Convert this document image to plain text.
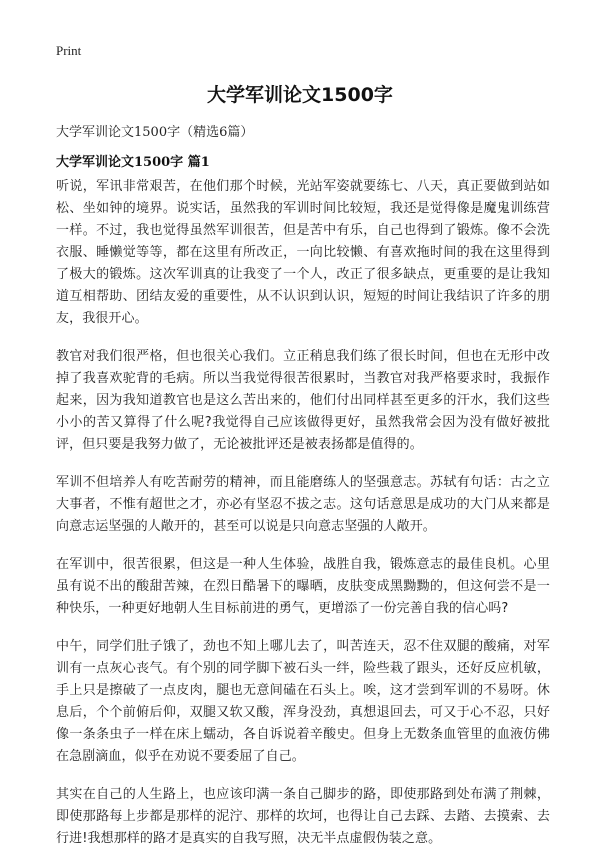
Print
大学军训论文1500字
大学军训论文1500字（精选6篇）
大学军训论文1500字 篇1

听说，军讯非常艰苦，在他们那个时候，光站军姿就要练七、八天，真正要做到站如松、坐如钟的境界。说实话，虽然我的军训时间比较短，我还是觉得像是魔鬼训练营一样。不过，我也觉得虽然军训很苦，但是苦中有乐，自己也得到了锻炼。像不会洗衣服、睡懒觉等等，都在这里有所改正，一向比较懒、有喜欢拖时间的我在这里得到了极大的锻炼。这次军训真的让我变了一个人，改正了很多缺点，更重要的是让我知道互相帮助、团结友爱的重要性，从不认识到认识，短短的时间让我结识了许多的朋友，我很开心。

教官对我们很严格，但也很关心我们。立正稍息我们练了很长时间，但也在无形中改掉了我喜欢驼背的毛病。所以当我觉得很苦很累时，当教官对我严格要求时，我振作起来，因为我知道教官也是这么苦出来的，他们付出同样甚至更多的汗水，我们这些小小的苦又算得了什么呢?我觉得自己应该做得更好，虽然我常会因为没有做好被批评，但只要是我努力做了，无论被批评还是被表扬都是值得的。

军训不但培养人有吃苦耐劳的精神，而且能磨练人的坚强意志。苏轼有句话：古之立大事者，不惟有超世之才，亦必有坚忍不拔之志。这句话意思是成功的大门从来都是向意志运坚强的人敞开的，甚至可以说是只向意志坚强的人敞开。

在军训中，很苦很累，但这是一种人生体验，战胜自我，锻炼意志的最佳良机。心里虽有说不出的酸甜苦辣，在烈日酷暑下的曝晒，皮肤变成黑黝黝的，但这何尝不是一种快乐，一种更好地朝人生目标前进的勇气，更增添了一份完善自我的信心吗?

中午，同学们肚子饿了，劲也不知上哪儿去了，叫苦连天，忍不住双腿的酸痛，对军训有一点灰心丧气。有个别的同学脚下被石头一绊，险些栽了跟头，还好反应机敏，手上只是擦破了一点皮肉，腿也无意间磕在石头上。唉，这才尝到军训的不易呀。休息后，个个前俯后仰，双腿又软又酸，浑身没劲，真想退回去，可又于心不忍，只好像一条条虫子一样在床上蠕动，各自诉说着辛酸史。但身上无数条血管里的血液仿佛在急剧滴血，似乎在劝说不要委屈了自己。

其实在自己的人生路上，也应该印满一条自己脚步的路，即使那路到处布满了荆棘，即使那路每上步都是那样的泥泞、那样的坎坷，也得让自己去踩、去踏、去摸索、去行进!我想那样的路才是真实的自我写照，决无半点虚假伪装之意。
